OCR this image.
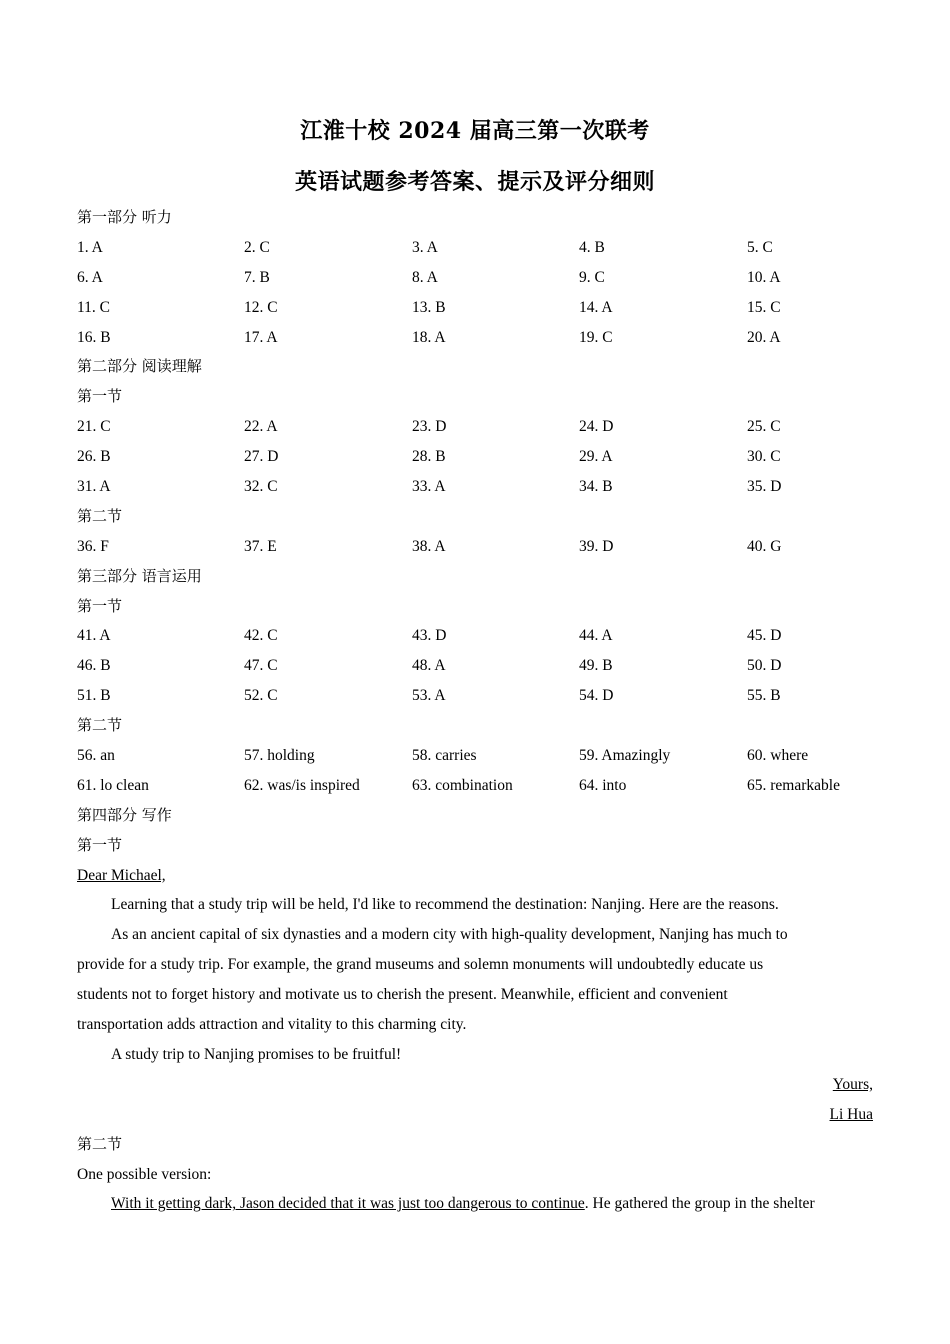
江淮十校 2024 届高三第一次联考
英语试题参考答案、提示及评分细则
第一部分 听力
1. A	2. C	3. A	4. B	5. C
6. A	7. B	8. A	9. C	10. A
11. C	12. C	13. B	14. A	15. C
16. B	17. A	18. A	19. C	20. A
第二部分 阅读理解
第一节
21. C	22. A	23. D	24. D	25. C
26. B	27. D	28. B	29. A	30. C
31. A	32. C	33. A	34. B	35. D
第二节
36. F	37. E	38. A	39. D	40. G
第三部分 语言运用
第一节
41. A	42. C	43. D	44. A	45. D
46. B	47. C	48. A	49. B	50. D
51. B	52. C	53. A	54. D	55. B
第二节
56. an	57. holding	58. carries	59. Amazingly	60. where
61. lo clean	62. was/is inspired	63. combination	64. into	65. remarkable
第四部分 写作
第一节
Dear Michael,
Learning that a study trip will be held, I'd like to recommend the destination: Nanjing. Here are the reasons.
As an ancient capital of six dynasties and a modern city with high-quality development, Nanjing has much to
provide for a study trip. For example, the grand museums and solemn monuments will undoubtedly educate us
students not to forget history and motivate us to cherish the present. Meanwhile, efficient and convenient
transportation adds attraction and vitality to this charming city.
A study trip to Nanjing promises to be fruitful!
Yours,
Li Hua
第二节
One possible version:
With it getting dark, Jason decided that it was just too dangerous to continue. He gathered the group in the shelter
